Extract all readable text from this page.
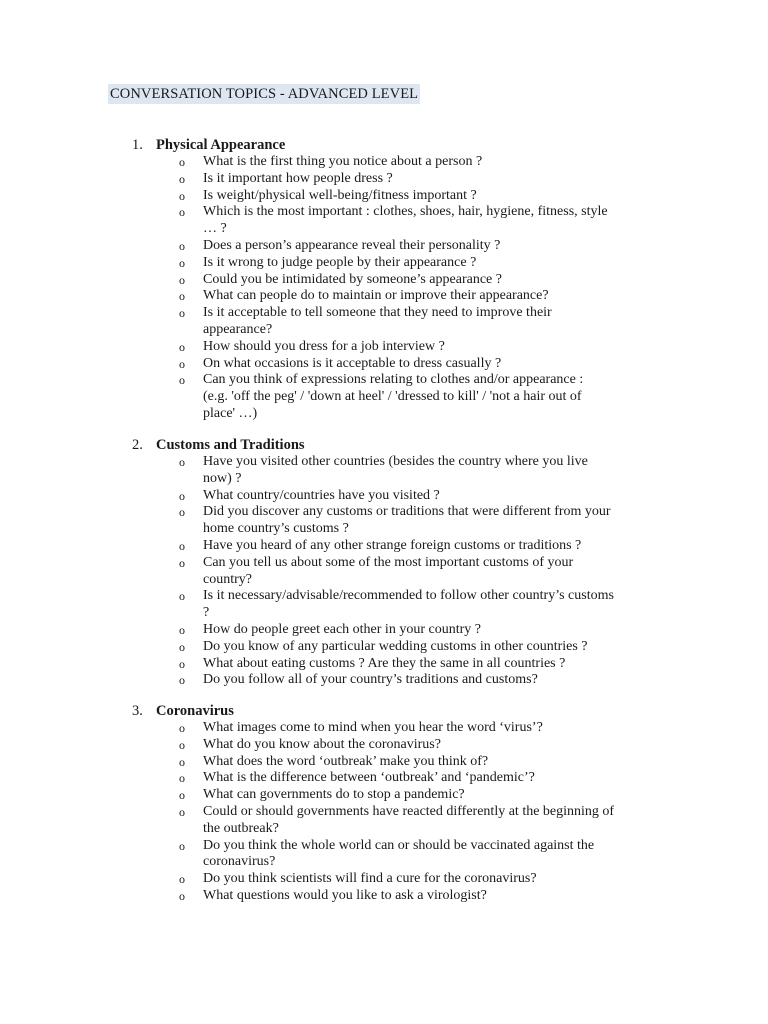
CONVERSATION TOPICS - ADVANCED LEVEL
1. Physical Appearance
o What is the first thing you notice about a person ?
o Is it important how people dress ?
o Is weight/physical well-being/fitness important ?
o Which is the most important : clothes, shoes, hair, hygiene, fitness, style
… ?
o Does a person’s appearance reveal their personality ?
o Is it wrong to judge people by their appearance ?
o Could you be intimidated by someone’s appearance ?
o What can people do to maintain or improve their appearance?
o Is it acceptable to tell someone that they need to improve their
appearance?
o How should you dress for a job interview ?
o On what occasions is it acceptable to dress casually ?
o Can you think of expressions relating to clothes and/or appearance :
(e.g. 'off the peg' / 'down at heel' / 'dressed to kill' / 'not a hair out of
place' …)
2. Customs and Traditions
o Have you visited other countries (besides the country where you live
now) ?
o What country/countries have you visited ?
o Did you discover any customs or traditions that were different from your
home country’s customs ?
o Have you heard of any other strange foreign customs or traditions ?
o Can you tell us about some of the most important customs of your
country?
o Is it necessary/advisable/recommended to follow other country’s customs
?
o How do people greet each other in your country ?
o Do you know of any particular wedding customs in other countries ?
o What about eating customs ? Are they the same in all countries ?
o Do you follow all of your country’s traditions and customs?
3. Coronavirus
o What images come to mind when you hear the word ‘virus’?
o What do you know about the coronavirus?
o What does the word ‘outbreak’ make you think of?
o What is the difference between ‘outbreak’ and ‘pandemic’?
o What can governments do to stop a pandemic?
o Could or should governments have reacted differently at the beginning of
the outbreak?
o Do you think the whole world can or should be vaccinated against the
coronavirus?
o Do you think scientists will find a cure for the coronavirus?
o What questions would you like to ask a virologist?
